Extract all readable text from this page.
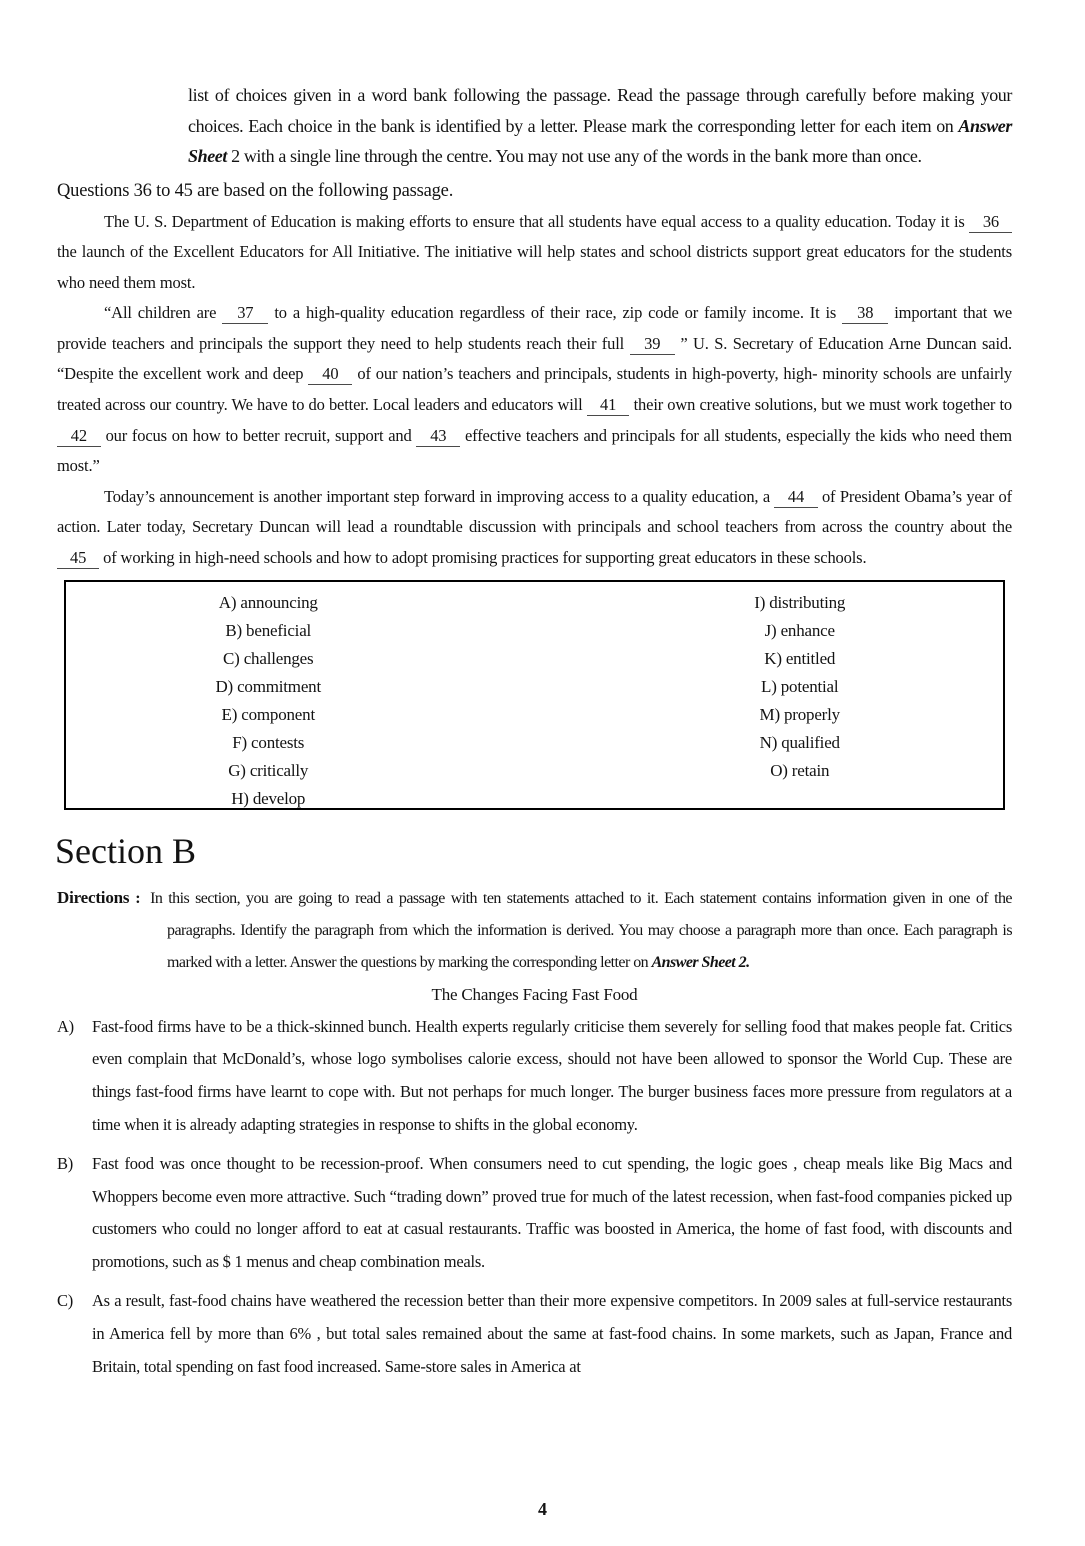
list of choices given in a word bank following the passage. Read the passage through carefully before making your choices. Each choice in the bank is identified by a letter. Please mark the corresponding letter for each item on Answer Sheet 2 with a single line through the centre. You may not use any of the words in the bank more than once.

Questions 36 to 45 are based on the following passage.

The U. S. Department of Education is making efforts to ensure that all students have equal access to a quality education. Today it is  36  the launch of the Excellent Educators for All Initiative. The initiative will help states and school districts support great educators for the students who need them most.

“All children are  37  to a high-quality education regardless of their race, zip code or family income. It is  38  important that we provide teachers and principals the support they need to help students reach their full  39  ” U. S. Secretary of Education Arne Duncan said. “Despite the excellent work and deep  40  of our nation’s teachers and principals, students in high-poverty, high- minority schools are unfairly treated across our country. We have to do better. Local leaders and educators will  41  their own creative solutions, but we must work together to  42  our focus on how to better recruit, support and  43  effective teachers and principals for all students, especially the kids who need them most.”

Today’s announcement is another important step forward in improving access to a quality education, a  44  of President Obama’s year of action. Later today, Secretary Duncan will lead a roundtable discussion with principals and school teachers from across the country about the  45  of working in high-need schools and how to adopt promising practices for supporting great educators in these schools.

A) announcing
B) beneficial
C) challenges
D) commitment
E) component
F) contests
G) critically
H) develop
I) distributing
J) enhance
K) entitled
L) potential
M) properly
N) qualified
O) retain
Section B

Directions : In this section, you are going to read a passage with ten statements attached to it. Each statement contains information given in one of the paragraphs. Identify the paragraph from which the information is derived. You may choose a paragraph more than once. Each paragraph is marked with a letter. Answer the questions by marking the corresponding letter on Answer Sheet 2.

The Changes Facing Fast Food

A) Fast-food firms have to be a thick-skinned bunch. Health experts regularly criticise them severely for selling food that makes people fat. Critics even complain that McDonald’s, whose logo symbolises calorie excess, should not have been allowed to sponsor the World Cup. These are things fast-food firms have learnt to cope with. But not perhaps for much longer. The burger business faces more pressure from regulators at a time when it is already adapting strategies in response to shifts in the global economy.
B) Fast food was once thought to be recession-proof. When consumers need to cut spending, the logic goes , cheap meals like Big Macs and Whoppers become even more attractive. Such “trading down” proved true for much of the latest recession, when fast-food companies picked up customers who could no longer afford to eat at casual restaurants. Traffic was boosted in America, the home of fast food, with discounts and promotions, such as $ 1 menus and cheap combination meals.
C) As a result, fast-food chains have weathered the recession better than their more expensive competitors. In 2009 sales at full-service restaurants in America fell by more than 6% , but total sales remained about the same at fast-food chains. In some markets, such as Japan, France and Britain, total spending on fast food increased. Same-store sales in America at
4
